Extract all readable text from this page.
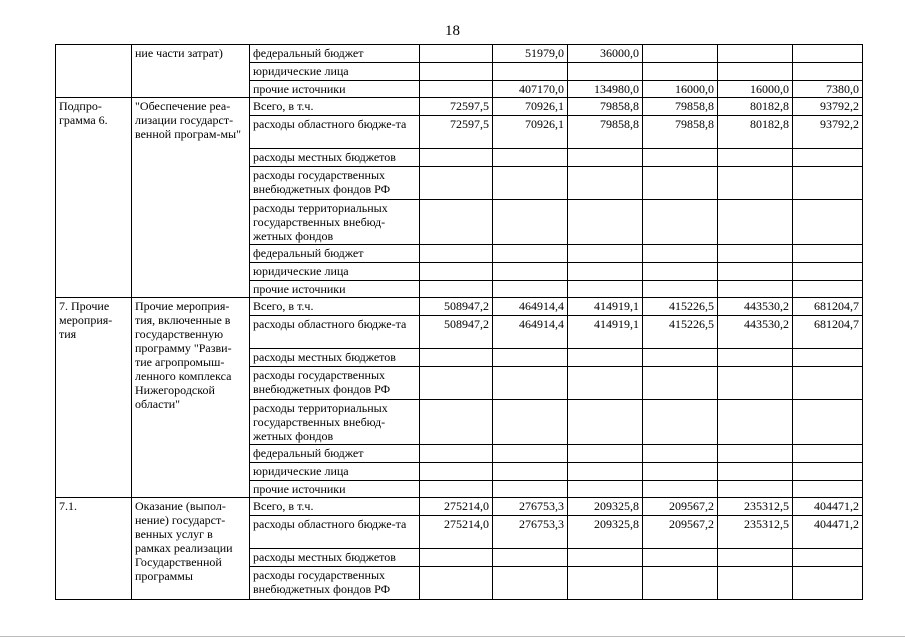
18
	ние части затрат)	федеральный бюджет		51979,0	36000,0			
		юридические лица						
		прочие источники		407170,0	134980,0	16000,0	16000,0	7380,0
Подпро-грамма 6.	"Обеспечение реа-лизации государст-венной програм-мы"	Всего, в т.ч.	72597,5	70926,1	79858,8	79858,8	80182,8	93792,2
		расходы областного бюдже-та	72597,5	70926,1	79858,8	79858,8	80182,8	93792,2
		расходы местных бюджетов						
		расходы государственных внебюджетных фондов РФ						
		расходы территориальных государственных внебюд-жетных фондов						
		федеральный бюджет						
		юридические лица						
		прочие источники						
7. Прочие мероприя-тия	Прочие мероприя-тия, включенные в государственную программу "Разви-тие агропромыш-ленного комплекса Нижегородской области"	Всего, в т.ч.	508947,2	464914,4	414919,1	415226,5	443530,2	681204,7
		расходы областного бюдже-та	508947,2	464914,4	414919,1	415226,5	443530,2	681204,7
		расходы местных бюджетов						
		расходы государственных внебюджетных фондов РФ						
		расходы территориальных государственных внебюд-жетных фондов						
		федеральный бюджет						
		юридические лица						
		прочие источники						
7.1.	Оказание (выпол-нение) государст-венных услуг в рамках реализации Государственной программы	Всего, в т.ч.	275214,0	276753,3	209325,8	209567,2	235312,5	404471,2
		расходы областного бюдже-та	275214,0	276753,3	209325,8	209567,2	235312,5	404471,2
		расходы местных бюджетов						
		расходы государственных внебюджетных фондов РФ						
